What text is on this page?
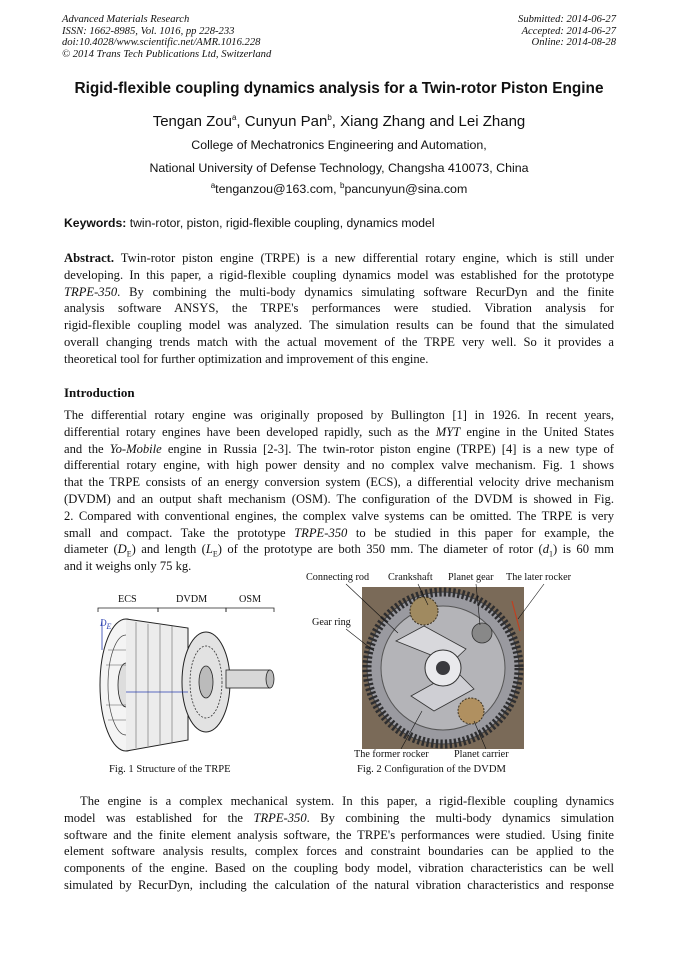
Advanced Materials Research
ISSN: 1662-8985, Vol. 1016, pp 228-233
doi:10.4028/www.scientific.net/AMR.1016.228
© 2014 Trans Tech Publications Ltd, Switzerland
Submitted: 2014-06-27
Accepted: 2014-06-27
Online: 2014-08-28
Rigid-flexible coupling dynamics analysis for a Twin-rotor Piston Engine
Tengan Zou$^a$, Cunyun Pan$^b$, Xiang Zhang and Lei Zhang
College of Mechatronics Engineering and Automation,
National University of Defense Technology, Changsha 410073, China
$^a$tenganzou@163.com, $^b$pancunyun@sina.com
Keywords: twin-rotor, piston, rigid-flexible coupling, dynamics model
Abstract. Twin-rotor piston engine (TRPE) is a new differential rotary engine, which is still under
developing. In this paper, a rigid-flexible coupling dynamics model was established for the prototype
TRPE-350. By combining the multi-body dynamics simulating software RecurDyn and the finite
analysis software ANSYS, the TRPE's performances were studied. Vibration analysis for
rigid-flexible coupling model was analyzed. The simulation results can be found that the simulated
overall changing trends match with the actual movement of the TRPE very well. So it provides a
theoretical tool for further optimization and improvement of this engine.
Introduction
The differential rotary engine was originally proposed by Bullington [1] in 1926. In recent years,
differential rotary engines have been developed rapidly, such as the MYT engine in the United States
and the Yo-Mobile engine in Russia [2-3]. The twin-rotor piston engine (TRPE) [4] is a new type of
differential rotary engine, with high power density and no complex valve mechanism. Fig. 1 shows
that the TRPE consists of an energy conversion system (ECS), a differential velocity drive mechanism
(DVDM) and an output shaft mechanism (OSM). The configuration of the DVDM is showed in Fig.
2. Compared with conventional engines, the complex valve systems can be omitted. The TRPE is very
small and compact. Take the prototype TRPE-350 to be studied in this paper for example, the
diameter $(D_E)$ and length $(L_E)$ of the prototype are both 350 mm. The diameter of rotor $(d_1)$ is 60 mm
and it weighs only 75 kg.
ECS	DVDM	OSM
$D_E$
Fig. 1 Structure of the TRPE
Connecting rod Crankshaft Planet gear The later rocker
Gear ring
The former rocker Planet carrier
Fig. 2 Configuration of the DVDM
The engine is a complex mechanical system. In this paper, a rigid-flexible coupling dynamics
model was established for the TRPE-350. By combining the multi-body dynamics simulation
software and the finite element analysis software, the TRPE's performances were studied. Using finite
element software analysis results, complex forces and constraint boundaries can be applied to the
components of the engine. Based on the coupling body model, vibration characteristics can be well
simulated by RecurDyn, including the calculation of the natural vibration characteristics and response
